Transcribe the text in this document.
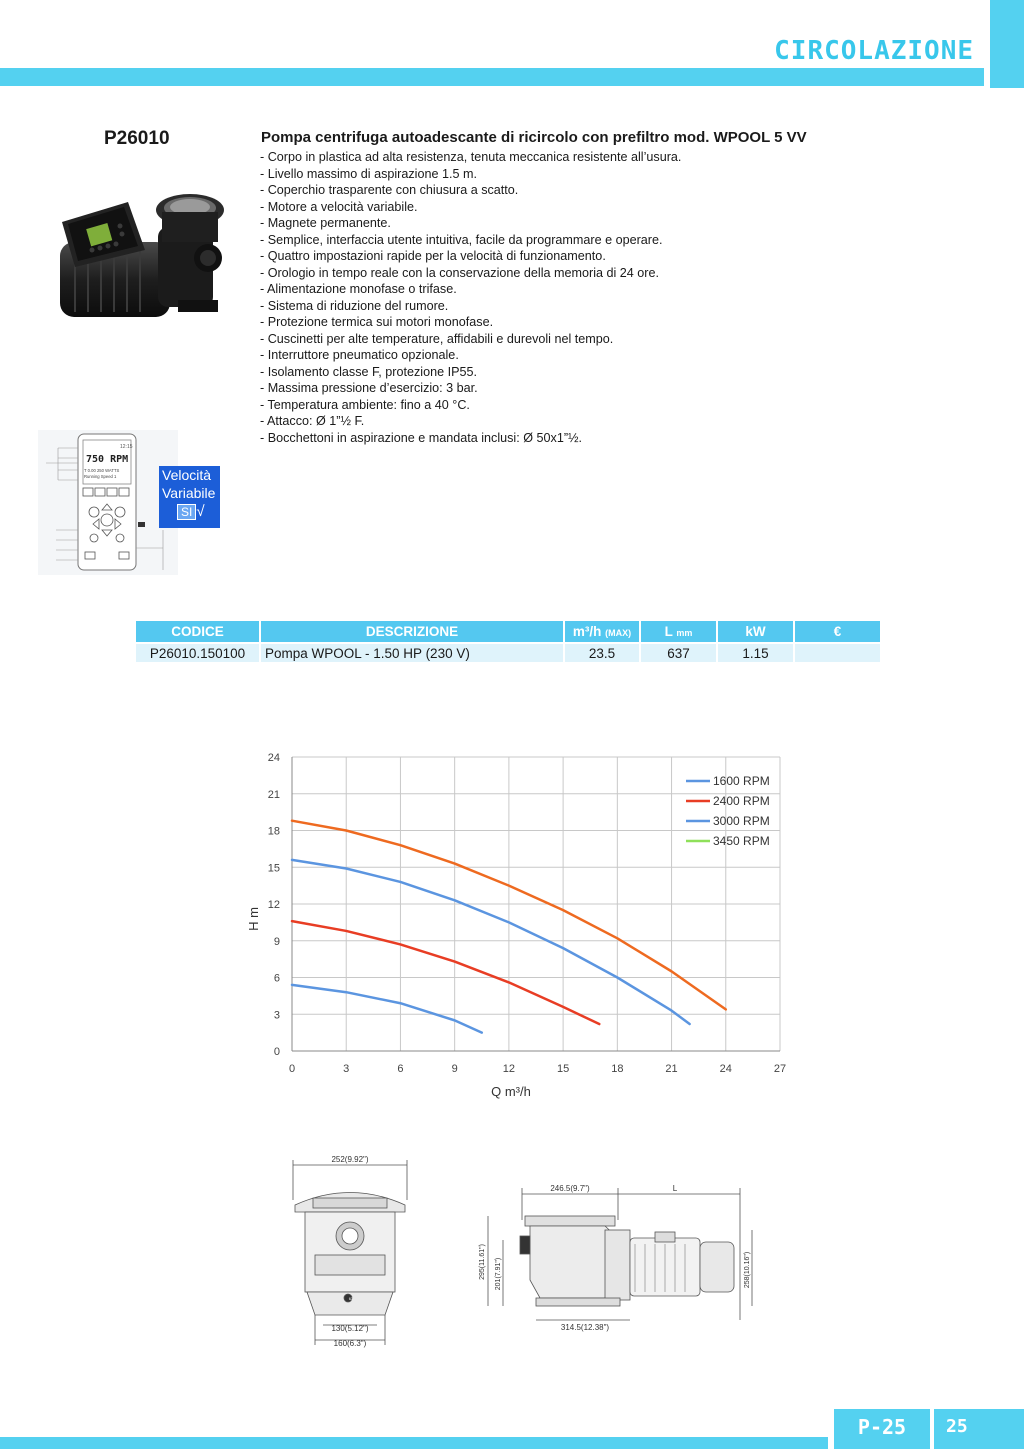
CIRCOLAZIONE
P26010	Pompa centrifuga autoadescante di ricircolo con prefiltro mod. WPOOL 5 VV
- Corpo in plastica ad alta resistenza, tenuta meccanica resistente all’usura.
- Livello massimo di aspirazione 1.5 m.
- Coperchio trasparente con chiusura a scatto.
- Motore a velocità variabile.
- Magnete permanente.
- Semplice, interfaccia utente intuitiva, facile da programmare e operare.
- Quattro impostazioni rapide per la velocità di funzionamento.
- Orologio in tempo reale con la conservazione della memoria di 24 ore.
- Alimentazione monofase o trifase.
- Sistema di riduzione del rumore.
- Protezione termica sui motori monofase.
- Cuscinetti per alte temperature, affidabili e durevoli nel tempo.
- Interruttore pneumatico opzionale.
- Isolamento classe F, protezione IP55.
- Massima pressione d’esercizio: 3 bar.
- Temperatura ambiente: fino a 40 °C.
- Attacco: Ø 1”½ F.
- Bocchettoni in aspirazione e mandata inclusi: Ø 50x1”½.
12:15
750 RPM
T 0.00 250 WATTS
Running Speed 1	Velocità
Variabile
SI √
CODICE	DESCRIZIONE	m³/h (MAX)	L mm	kW	€
P26010.150100	Pompa WPOOL - 1.50 HP (230 V)	23.5	637	1.15	
0	3	6	9	12	15	18	21	24	27
0
3
6
9
12
15
18
21
24
Q m³/h
H m
1600 RPM
2400 RPM
3000 RPM
3450 RPM
252(9.92")
63
130(5.12")
160(6.3")
246.5(9.7")	L
295(11.61") 201(7.91")	258(10.16")
314.5(12.38")
P-25	25
